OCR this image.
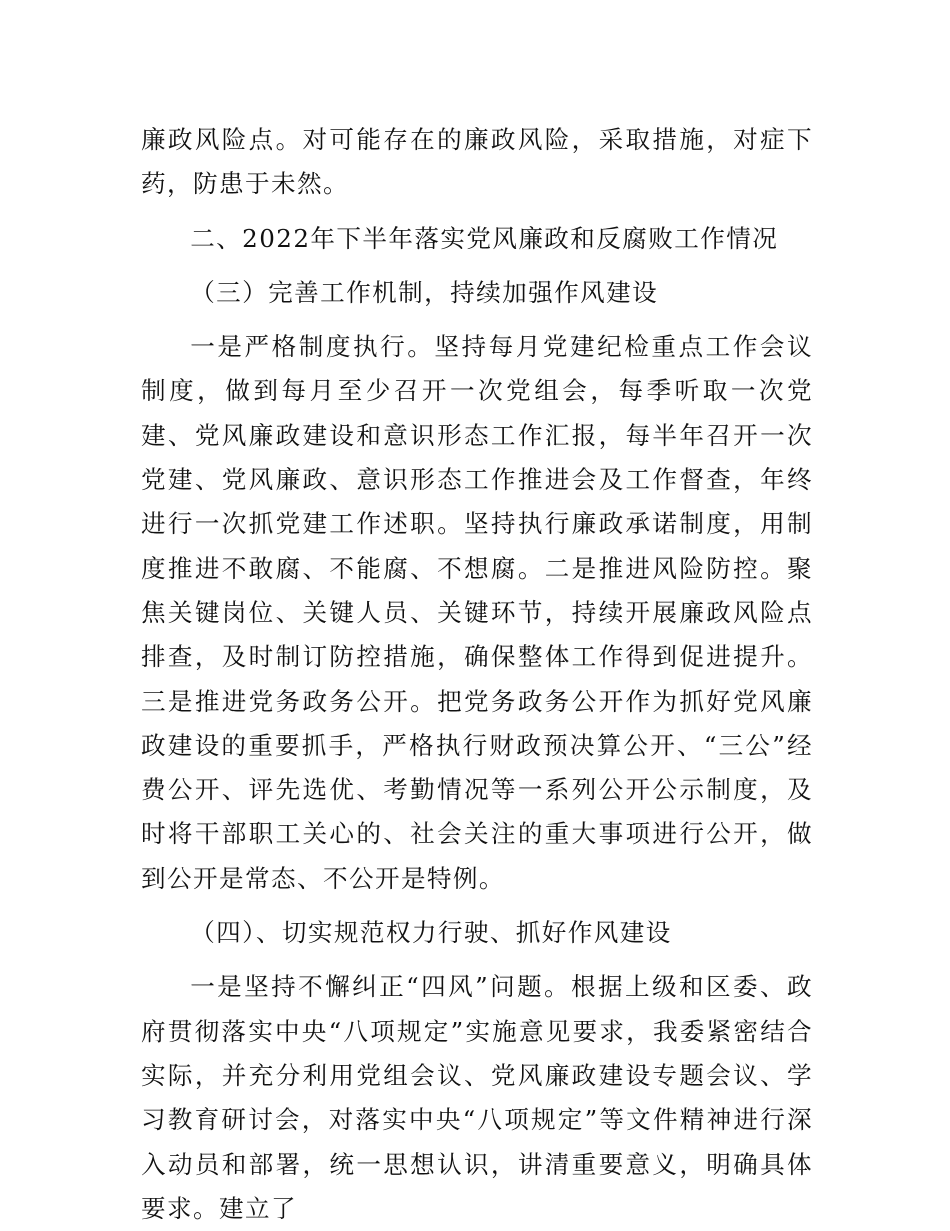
廉政风险点。对可能存在的廉政风险，采取措施，对症下药，防患于未然。

二、2022年下半年落实党风廉政和反腐败工作情况

（三）完善工作机制，持续加强作风建设

一是严格制度执行。坚持每月党建纪检重点工作会议制度，做到每月至少召开一次党组会，每季听取一次党建、党风廉政建设和意识形态工作汇报，每半年召开一次党建、党风廉政、意识形态工作推进会及工作督查，年终进行一次抓党建工作述职。坚持执行廉政承诺制度，用制度推进不敢腐、不能腐、不想腐。二是推进风险防控。聚焦关键岗位、关键人员、关键环节，持续开展廉政风险点排查，及时制订防控措施，确保整体工作得到促进提升。三是推进党务政务公开。把党务政务公开作为抓好党风廉政建设的重要抓手，严格执行财政预决算公开、“三公”经费公开、评先选优、考勤情况等一系列公开公示制度，及时将干部职工关心的、社会关注的重大事项进行公开，做到公开是常态、不公开是特例。

（四）、切实规范权力行驶、抓好作风建设

一是坚持不懈纠正“四风”问题。根据上级和区委、政府贯彻落实中央“八项规定”实施意见要求，我委紧密结合实际，并充分利用党组会议、党风廉政建设专题会议、学习教育研讨会，对落实中央“八项规定”等文件精神进行深入动员和部署，统一思想认识，讲清重要意义，明确具体要求。建立了
